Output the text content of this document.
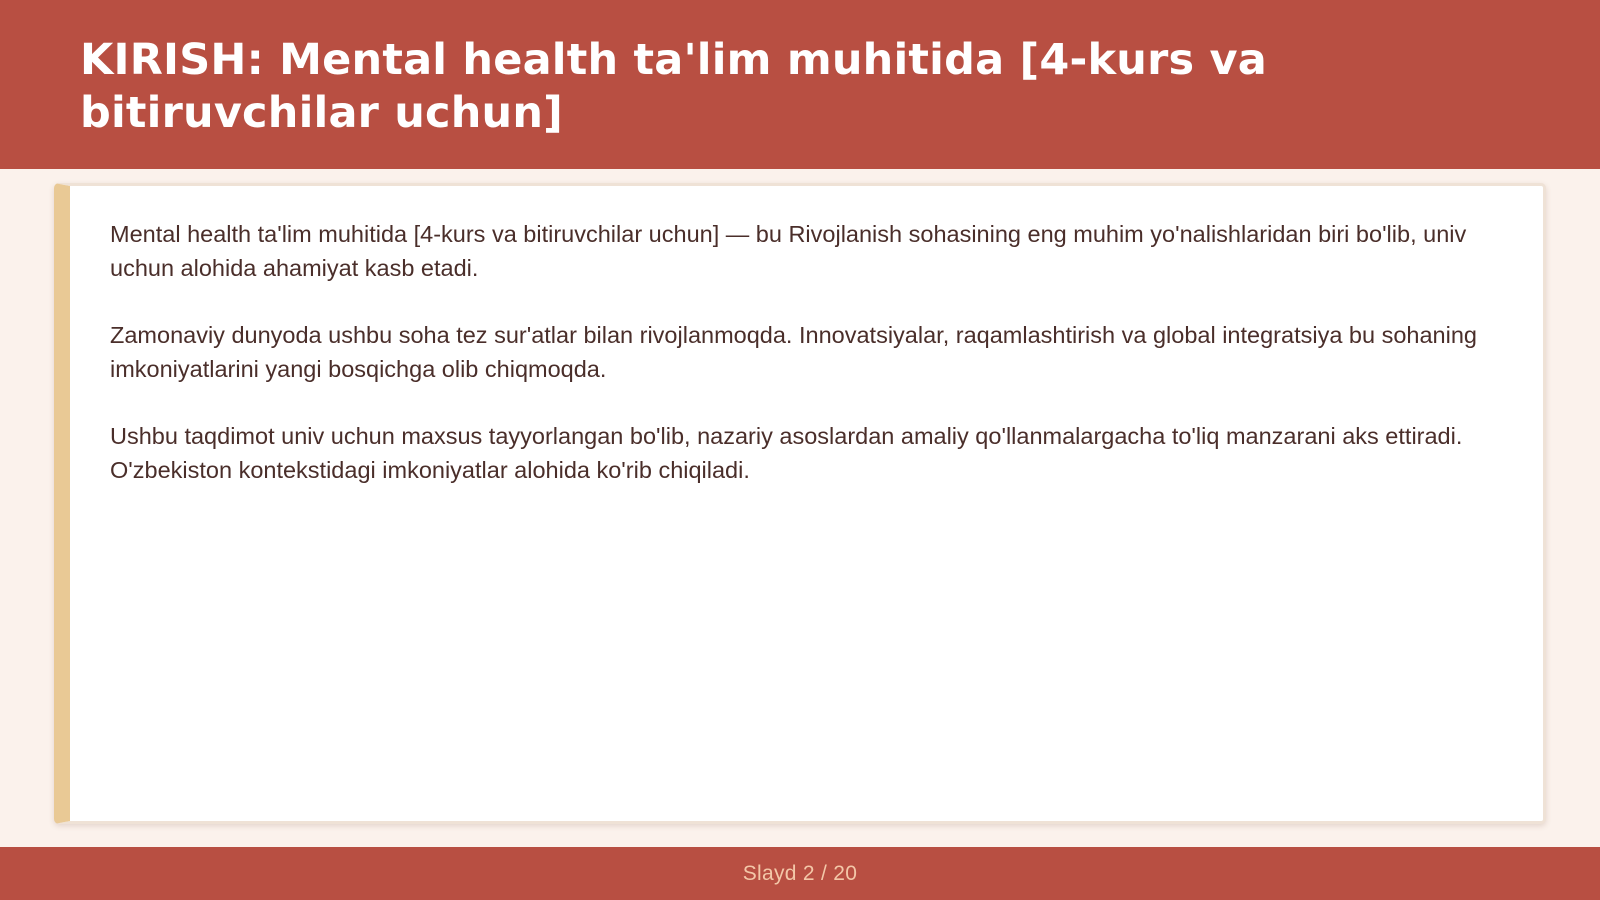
KIRISH: Mental health ta'lim muhitida [4-kurs va bitiruvchilar uchun]

Mental health ta'lim muhitida [4-kurs va bitiruvchilar uchun] — bu Rivojlanish sohasining eng muhim yo'nalishlaridan biri bo'lib, univ uchun alohida ahamiyat kasb etadi.

Zamonaviy dunyoda ushbu soha tez sur'atlar bilan rivojlanmoqda. Innovatsiyalar, raqamlashtirish va global integratsiya bu sohaning imkoniyatlarini yangi bosqichga olib chiqmoqda.

Ushbu taqdimot univ uchun maxsus tayyorlangan bo'lib, nazariy asoslardan amaliy qo'llanmalargacha to'liq manzarani aks ettiradi. O'zbekiston kontekstidagi imkoniyatlar alohida ko'rib chiqiladi.

Slayd 2 / 20
